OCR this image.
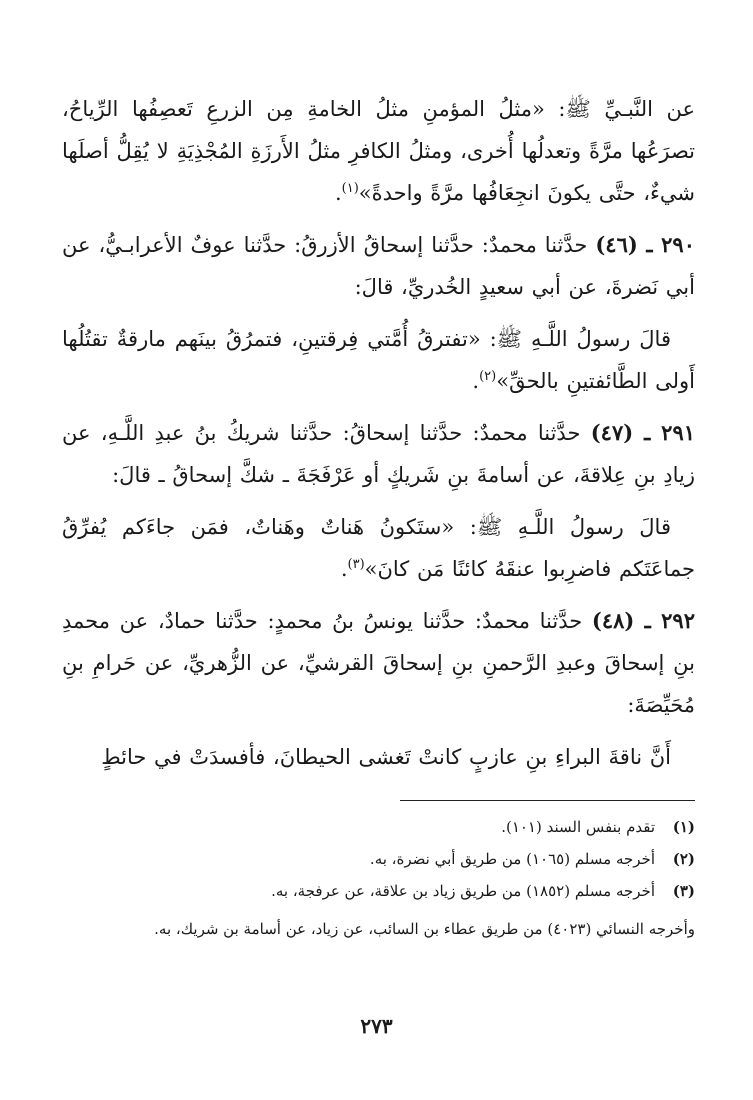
عن النَّبـيِّ ﷺ: «مثلُ المؤمنِ مثلُ الخامةِ مِن الزرعِ تَعصِفُها الرِّياحُ، تصرَعُها مرَّةً وتعدلُها أُخرى، ومثلُ الكافرِ مثلُ الأَرزَةِ المُجْذِيَةِ لا يُقِلُّ أصلَها شيءٌ، حتَّى يكونَ انجِعَافُها مرَّةً واحدةً»$^{(١)}$.

٢٩٠ ـ (٤٦) حدَّثنا محمدٌ: حدَّثنا إسحاقُ الأزرقُ: حدَّثنا عوفٌ الأعرابـيُّ، عن أبي نَضرةَ، عن أبي سعيدٍ الخُدريِّ، قالَ:

قالَ رسولُ اللَّـهِ ﷺ: «تفترقُ أُمَّتي فِرقتينِ، فتمرُقُ بينَهم مارقةٌ تقتُلُها أَولى الطَّائفتينِ بالحقِّ»$^{(٢)}$.

٢٩١ ـ (٤٧) حدَّثنا محمدٌ: حدَّثنا إسحاقُ: حدَّثنا شريكُ بنُ عبدِ اللَّـهِ، عن زيادِ بنِ عِلاقةَ، عن أسامةَ بنِ شَريكٍ أو عَرْفَجَةَ ـ شكَّ إسحاقُ ـ قالَ:

قالَ رسولُ اللَّـهِ ﷺ: «ستَكونُ هَناتٌ وهَناتٌ، فمَن جاءَكم يُفرِّقُ جماعَتَكم فاضرِبوا عنقَهُ كائنًا مَن كانَ»$^{(٣)}$.

٢٩٢ ـ (٤٨) حدَّثنا محمدٌ: حدَّثنا يونسُ بنُ محمدٍ: حدَّثنا حمادٌ، عن محمدِ بنِ إسحاقَ وعبدِ الرَّحمنِ بنِ إسحاقَ القرشيِّ، عن الزُّهريِّ، عن حَرامِ بنِ مُحَيِّصَةَ:

أَنَّ ناقةَ البراءِ بنِ عازبٍ كانتْ تَغشى الحيطانَ، فأفسدَتْ في حائطٍ

(١)
تقدم بنفس السند (١٠١).
(٢)
أخرجه مسلم (١٠٦٥) من طريق أبي نضرة، به.
(٣)
أخرجه مسلم (١٨٥٢) من طريق زياد بن علاقة، عن عرفجة، به.
وأخرجه النسائي (٤٠٢٣) من طريق عطاء بن السائب، عن زياد، عن أسامة بن شريك، به.
٢٧٣
